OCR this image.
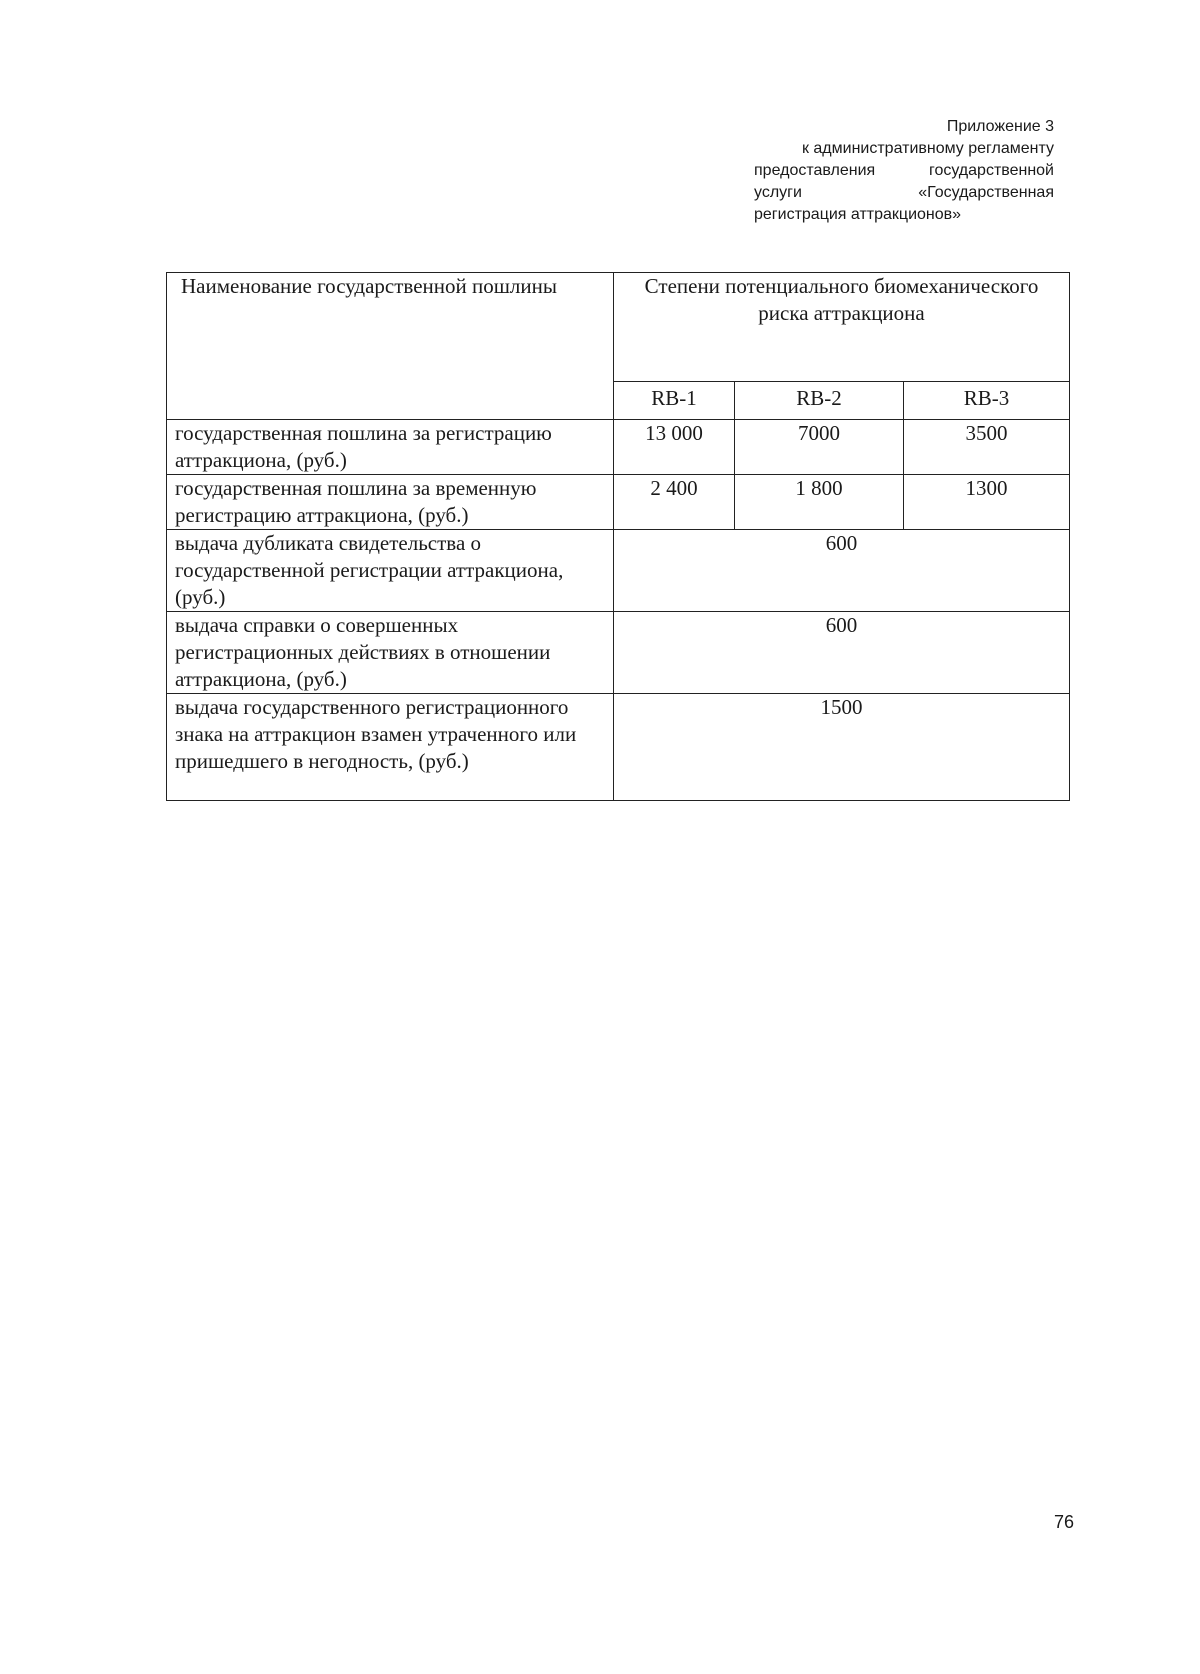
Приложение 3
к административному регламенту
предоставления	государственной
услуги	«Государственная
регистрация аттракционов»
Наименование государственной пошлины	Степени потенциального биомеханического риска аттракциона		
	RB-1	RB-2	RB-3
государственная пошлина за регистрацию аттракциона, (руб.)	13 000	7000	3500
государственная пошлина за временную регистрацию аттракциона, (руб.)	2 400	1 800	1300
выдача дубликата свидетельства о государственной регистрации аттракциона, (руб.)	600		
выдача справки о совершенных регистрационных действиях в отношении аттракциона, (руб.)	600		
выдача государственного регистрационного знака на аттракцион взамен утраченного или пришедшего в негодность, (руб.)	1500		
76
